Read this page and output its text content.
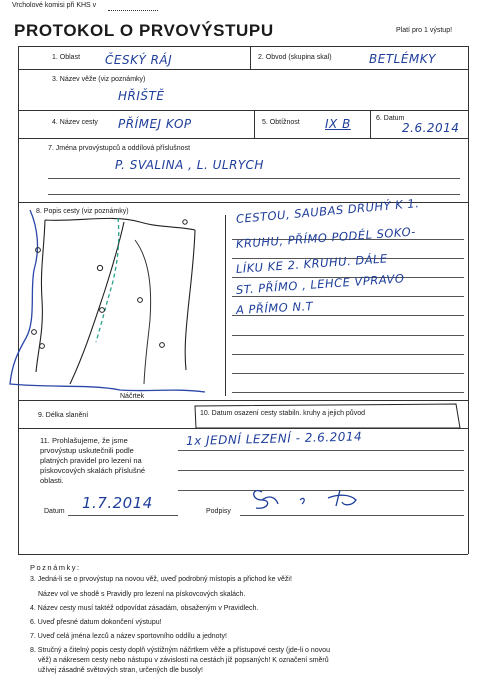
Vrcholové komisi při KHS v
PROTOKOL O PRVOVÝSTUPU	Platí pro 1 výstup!
1. Oblast ČESKÝ RÁJ	2. Obvod (skupina skal)	BETLÉMKY
3. Název věže (viz poznámky)
HŘIŠTĚ
4. Název cesty PŘÍMEJ KOP	5. Obtížnost IX B	6. Datum
2.6.2014
7. Jména prvovýstupců a oddílová příslušnost
P. SVALINA , L. ULRYCH
8. Popis cesty (viz poznámky)
Náčrtek
CESTOU, SAUBAS DRUHÝ K 1.
KRUHU, PŘÍMO PODÉL SOKO-
LÍKU KE 2. KRUHU. DÁLE
ST. PŘÍMO , LEHCE VPRAVO
A PŘÍMO N.T
9. Délka slanění	10. Datum osazení cesty stabiln. kruhy a jejich původ
1x JEDNÍ LEZENÍ - 2.6.2014
11. Prohlašujeme, že jsme prvovýstup uskutečnili podle platných pravidel pro lezení na pískovcových skalách příslušné oblasti.
Datum 1.7.2014	Podpisy
Poznámky:
3. Jedná-li se o prvovýstup na novou věž, uveď podrobný místopis a přichod ke věži!
Název vol ve shodě s Pravidly pro lezení na pískovcových skalách.
4. Název cesty musí taktéž odpovídat zásadám, obsaženým v Pravidlech.
6. Uveď přesné datum dokončení výstupu!
7. Uveď celá jména lezců a název sportovního oddílu a jednoty!
8. Stručný a čitelný popis cesty doplň výstižným náčrtkem věže a přístupové cesty (jde-li o novou
věž) a nákresem cesty nebo nástupu v závislosti na cestách již popsaných! K označení směrů
užívej zásadně světových stran, určených dle busoly!
